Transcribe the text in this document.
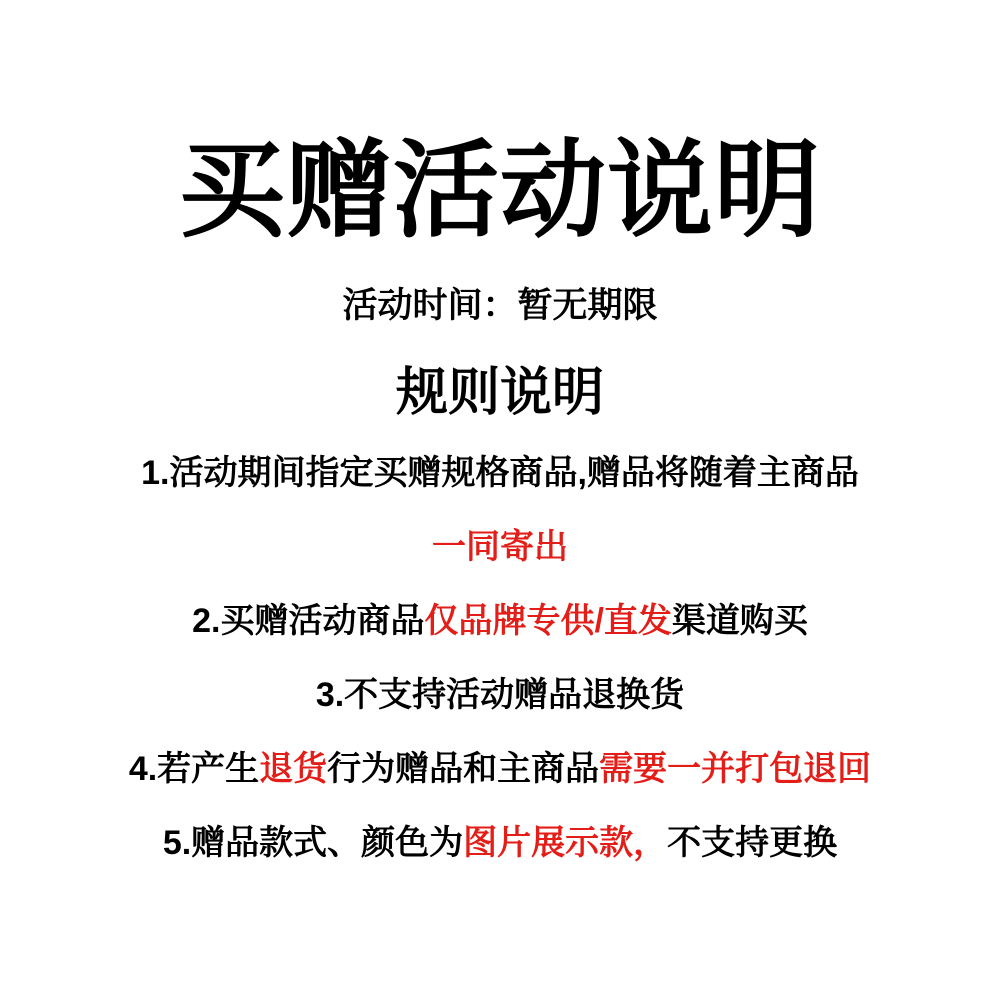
买赠活动说明

活动时间：暂无期限

规则说明
1.活动期间指定买赠规格商品,赠品将随着主商品
一同寄出
2.买赠活动商品仅品牌专供/直发渠道购买
3.不支持活动赠品退换货
4.若产生退货行为赠品和主商品需要一并打包退回
5.赠品款式、颜色为图片展示款，不支持更换
